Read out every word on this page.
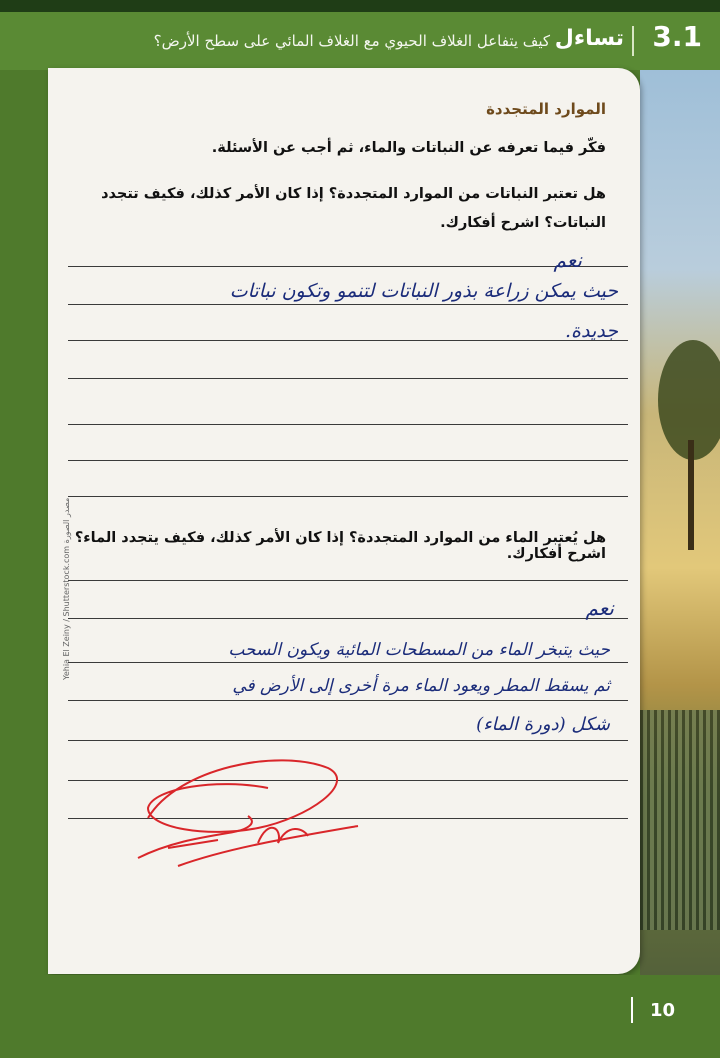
3.1
تساءل
كيف يتفاعل الغلاف الحيوي مع الغلاف المائي على سطح الأرض؟
Yehia El Zeiny / Shutterstock.com مصدر الصورة
الموارد المتجددة
فكّر فيما تعرفه عن النباتات والماء، ثم أجب عن الأسئلة.
هل تعتبر النباتات من الموارد المتجددة؟ إذا كان الأمر كذلك، فكيف تتجدد النباتات؟ اشرح أفكارك.
نعم
حيث يمكن زراعة بذور النباتات لتنمو وتكون نباتات
جديدة.
هل يُعتبر الماء من الموارد المتجددة؟ إذا كان الأمر كذلك، فكيف يتجدد الماء؟ اشرح أفكارك.
نعم
حيث يتبخر الماء من المسطحات المائية ويكون السحب
ثم يسقط المطر ويعود الماء مرة أخرى إلى الأرض في
شكل (دورة الماء)
10
